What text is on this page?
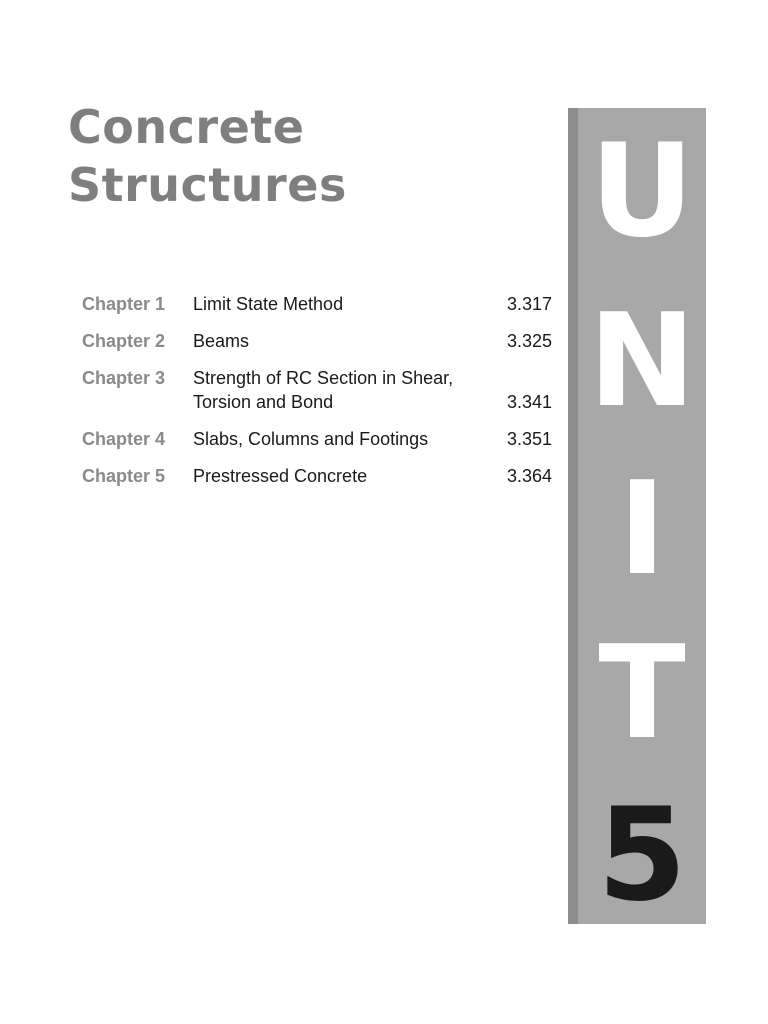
Concrete
Structures
Chapter 1	Limit State Method	3.317
Chapter 2	Beams	3.325
Chapter 3	Strength of RC Section in Shear,
Torsion and Bond	3.341
Chapter 4	Slabs, Columns and Footings	3.351
Chapter 5	Prestressed Concrete	3.364
U
N
I
T
5
